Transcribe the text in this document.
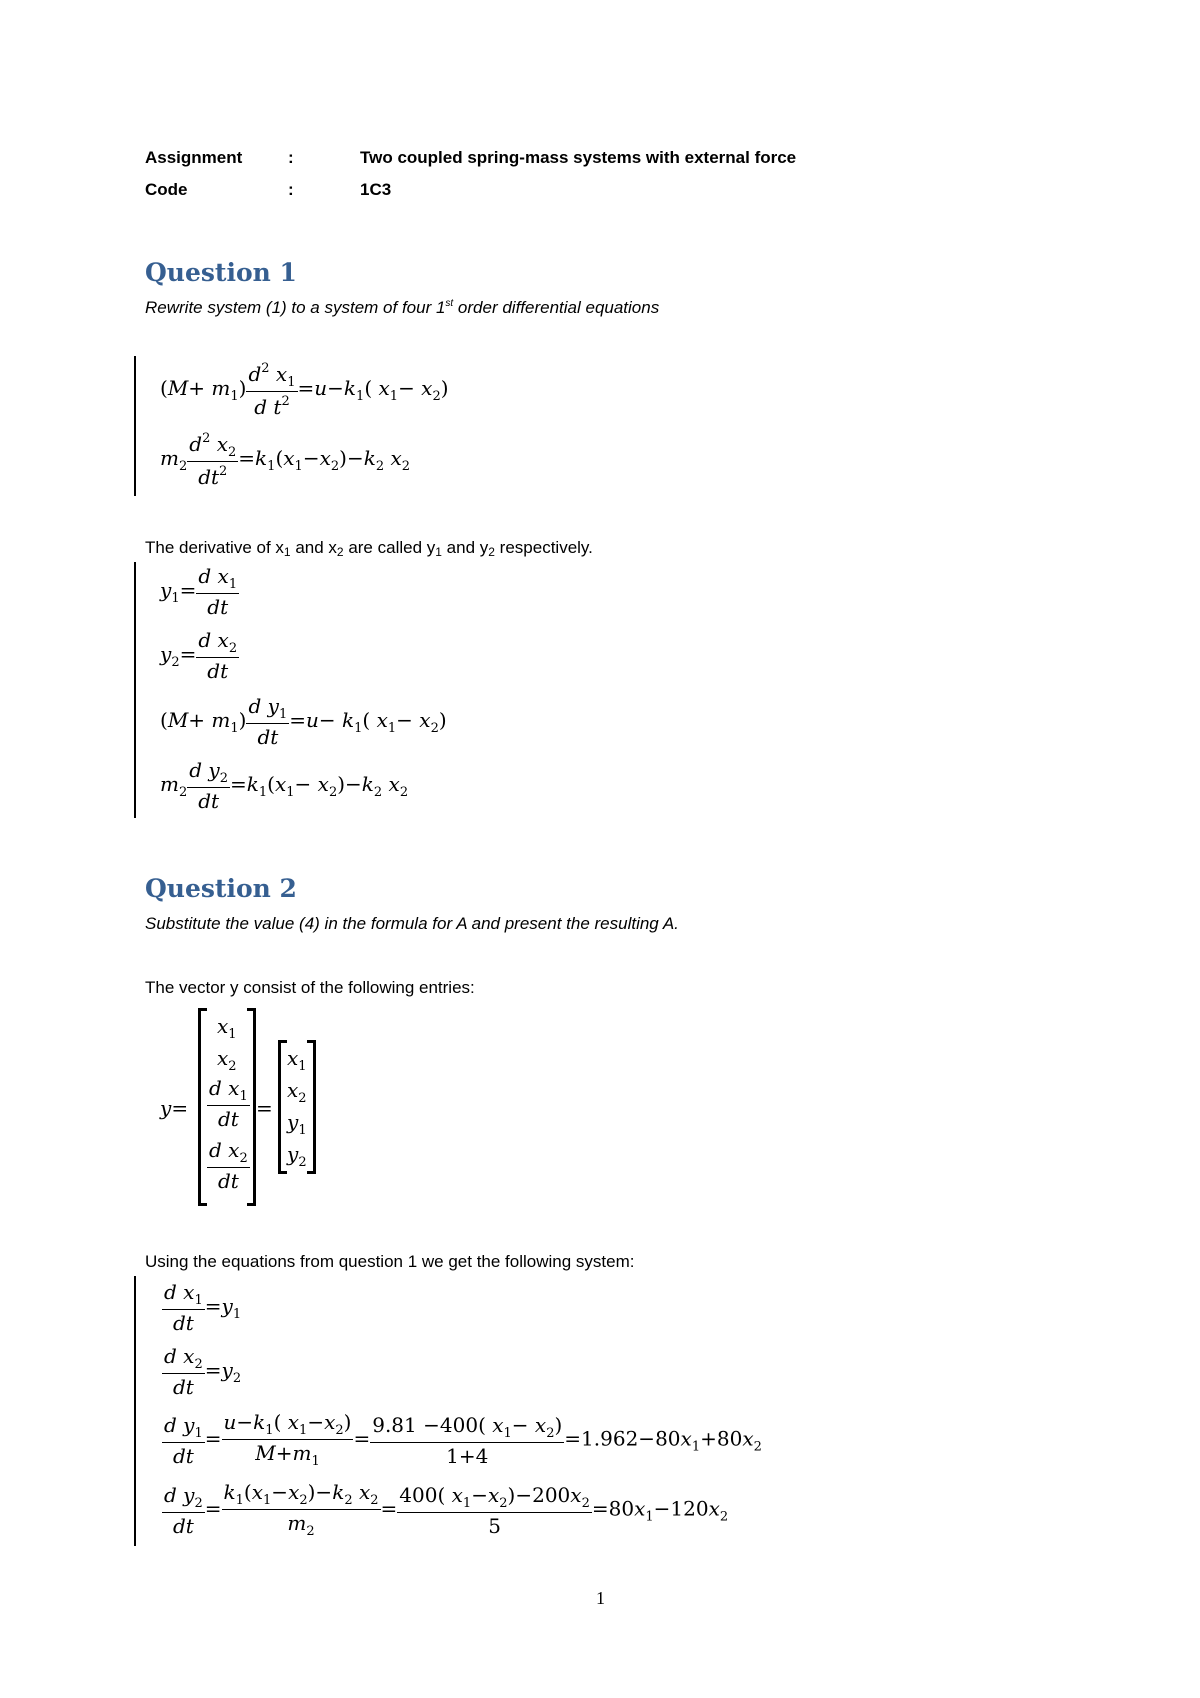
Assignment	:	Two coupled spring-mass systems with external force
Code	:	1C3
Question 1
Rewrite system (1) to a system of four 1st order differential equations
$(M+ m_1) \frac{d^2 x_1}{d t^2} =u-k_1$( $x_1- x_2$)
$m_2 \frac{d^2 x_2}{dt^2} =k_1(x_1-x_2)-k_2$ $x_2$
The derivative of $x_1$ and $x_2$ are called $y_1$ and $y_2$ respectively.
$y_1= \frac{d x_1}{dt}$
$y_2= \frac{d x_2}{dt}$
$(M+ m_1) \frac{d y_1}{dt} =u- k_1$( $x_1- x_2$)
$m_2 \frac{d y_2}{dt} =k_1(x_1- x_2)-k_2$ $x_2$
Question 2
Substitute the value (4) in the formula for A and present the resulting A.
The vector y consist of the following entries:
y=
$x_1$
$x_2$
$\frac{d x_1}{dt}$
$\frac{d x_2}{dt}$
=
$x_1$
$x_2$
$y_1$
$y_2$
Using the equations from question 1 we get the following system:
$\frac{d x_1}{dt} =y_1$
$\frac{d x_2}{dt} =y_2$
$\frac{d y_1}{dt} = \frac{u-k_1( x_1-x_2)}{M+m_1} = \frac{9.81 -400( x_1- x_2)}{1+4} =1.962-80x_1+80x_2$
$\frac{d y_2}{dt} = \frac{k_1(x_1-x_2)-k_2 x_2}{m_2} = \frac{400( x_1-x_2)-200x_2}{5} =80x_1-120x_2$
1
